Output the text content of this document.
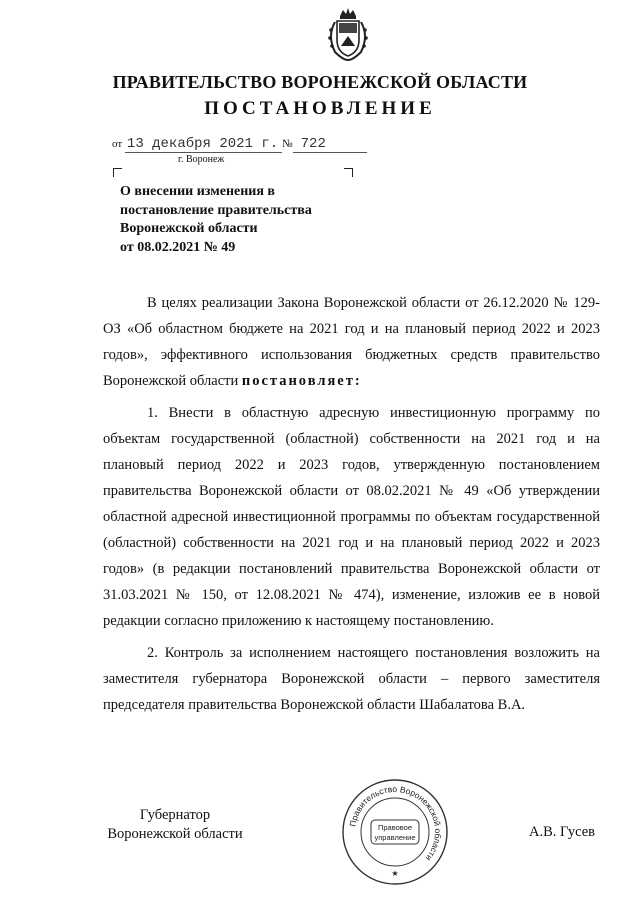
ПРАВИТЕЛЬСТВО ВОРОНЕЖСКОЙ ОБЛАСТИ
ПОСТАНОВЛЕНИЕ
от 13 декабря 2021 г. № 722
г. Воронеж
О внесении изменения в
постановление правительства
Воронежской области
от 08.02.2021 № 49

В целях реализации Закона Воронежской области от 26.12.2020 № 129-ОЗ «Об областном бюджете на 2021 год и на плановый период 2022 и 2023 годов», эффективного использования бюджетных средств правительство Воронежской области постановляет:

1. Внести в областную адресную инвестиционную программу по объектам государственной (областной) собственности на 2021 год и на плановый период 2022 и 2023 годов, утвержденную постановлением правительства Воронежской области от 08.02.2021 № 49 «Об утверждении областной адресной инвестиционной программы по объектам государственной (областной) собственности на 2021 год и на плановый период 2022 и 2023 годов» (в редакции постановлений правительства Воронежской области от 31.03.2021 № 150, от 12.08.2021 № 474), изменение, изложив ее в новой редакции согласно приложению к настоящему постановлению.

2. Контроль за исполнением настоящего постановления возложить на заместителя губернатора Воронежской области – первого заместителя председателя правительства Воронежской области Шабалатова В.А.

Губернатор
Воронежской области
Правительство Воронежской области
Правовое
управление
★
А.В. Гусев
